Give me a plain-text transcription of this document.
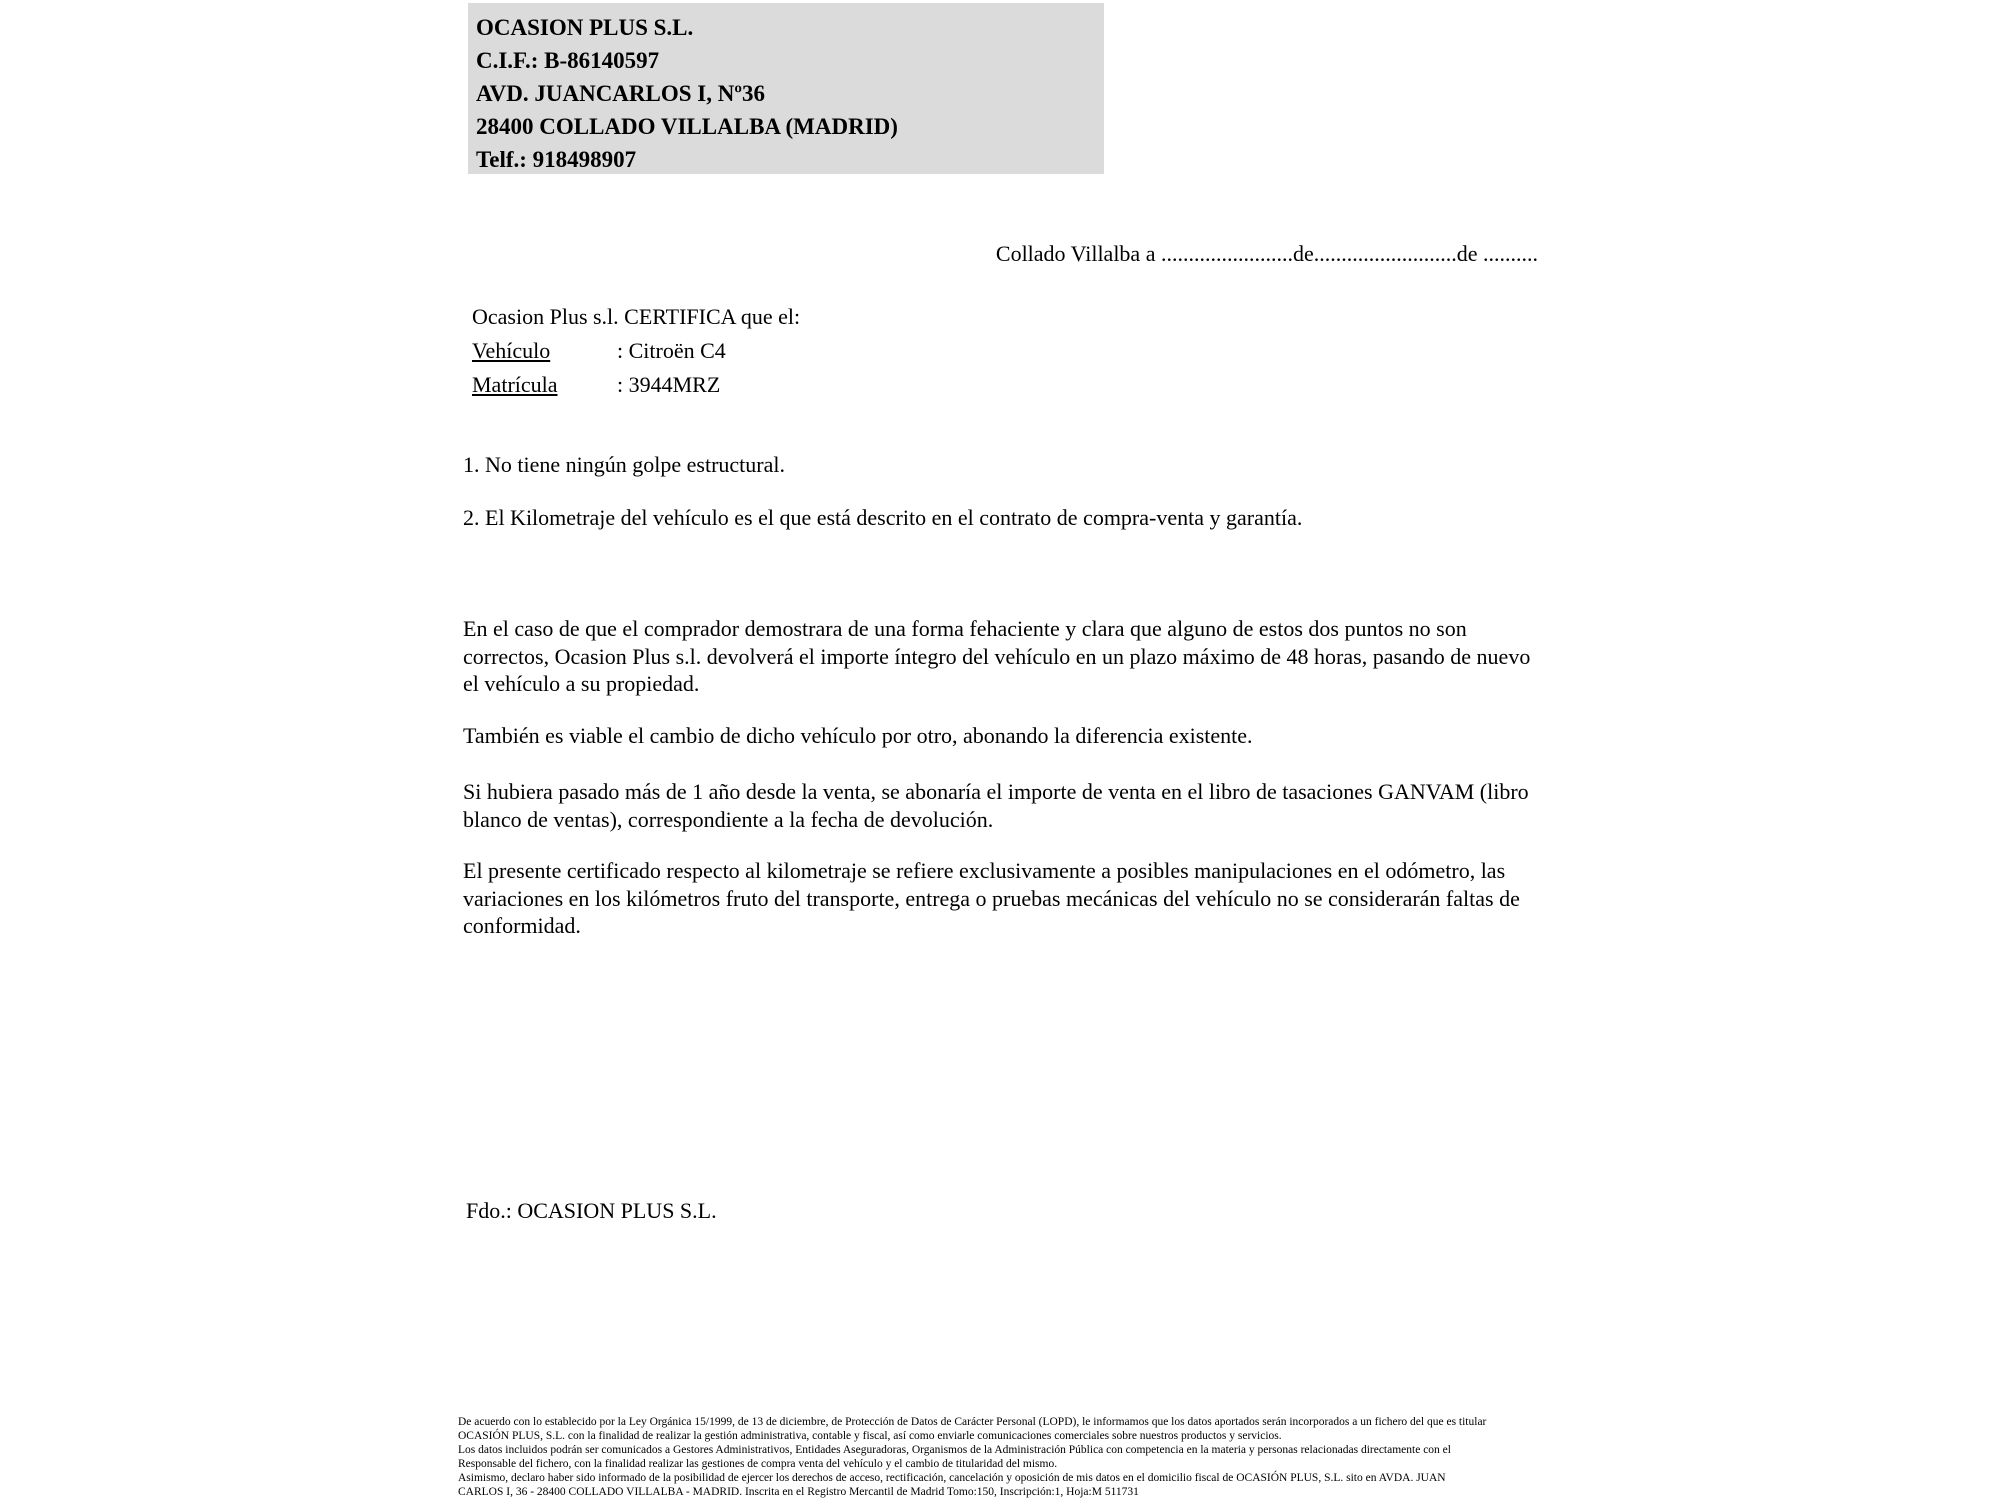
OCASION PLUS S.L.
C.I.F.: B-86140597
AVD. JUANCARLOS I, Nº36
28400 COLLADO VILLALBA (MADRID)
Telf.: 918498907
Collado Villalba a ........................de..........................de ..........
Ocasion Plus s.l. CERTIFICA que el:
Vehículo	: Citroën C4
Matrícula	: 3944MRZ
1. No tiene ningún golpe estructural.
2. El Kilometraje del vehículo es el que está descrito en el contrato de compra-venta y garantía.
En el caso de que el comprador demostrara de una forma fehaciente y clara que alguno de estos dos puntos no son correctos, Ocasion Plus s.l. devolverá el importe íntegro del vehículo en un plazo máximo de 48 horas, pasando de nuevo el vehículo a su propiedad.
También es viable el cambio de dicho vehículo por otro, abonando la diferencia existente.
Si hubiera pasado más de 1 año desde la venta, se abonaría el importe de venta en el libro de tasaciones GANVAM (libro blanco de ventas), correspondiente a la fecha de devolución.
El presente certificado respecto al kilometraje se refiere exclusivamente a posibles manipulaciones en el odómetro, las variaciones en los kilómetros fruto del transporte, entrega o pruebas mecánicas del vehículo no se considerarán faltas de conformidad.
Fdo.: OCASION PLUS S.L.
De acuerdo con lo establecido por la Ley Orgánica 15/1999, de 13 de diciembre, de Protección de Datos de Carácter Personal (LOPD), le informamos que los datos aportados serán incorporados a un fichero del que es titular
OCASIÓN PLUS, S.L. con la finalidad de realizar la gestión administrativa, contable y fiscal, así como enviarle comunicaciones comerciales sobre nuestros productos y servicios.
Los datos incluidos podrán ser comunicados a Gestores Administrativos, Entidades Aseguradoras, Organismos de la Administración Pública con competencia en la materia y personas relacionadas directamente con el
Responsable del fichero, con la finalidad realizar las gestiones de compra venta del vehículo y el cambio de titularidad del mismo.
Asimismo, declaro haber sido informado de la posibilidad de ejercer los derechos de acceso, rectificación, cancelación y oposición de mis datos en el domicilio fiscal de OCASIÓN PLUS, S.L. sito en AVDA. JUAN
CARLOS I, 36 - 28400 COLLADO VILLALBA - MADRID. Inscrita en el Registro Mercantil de Madrid Tomo:150, Inscripción:1, Hoja:M 511731
